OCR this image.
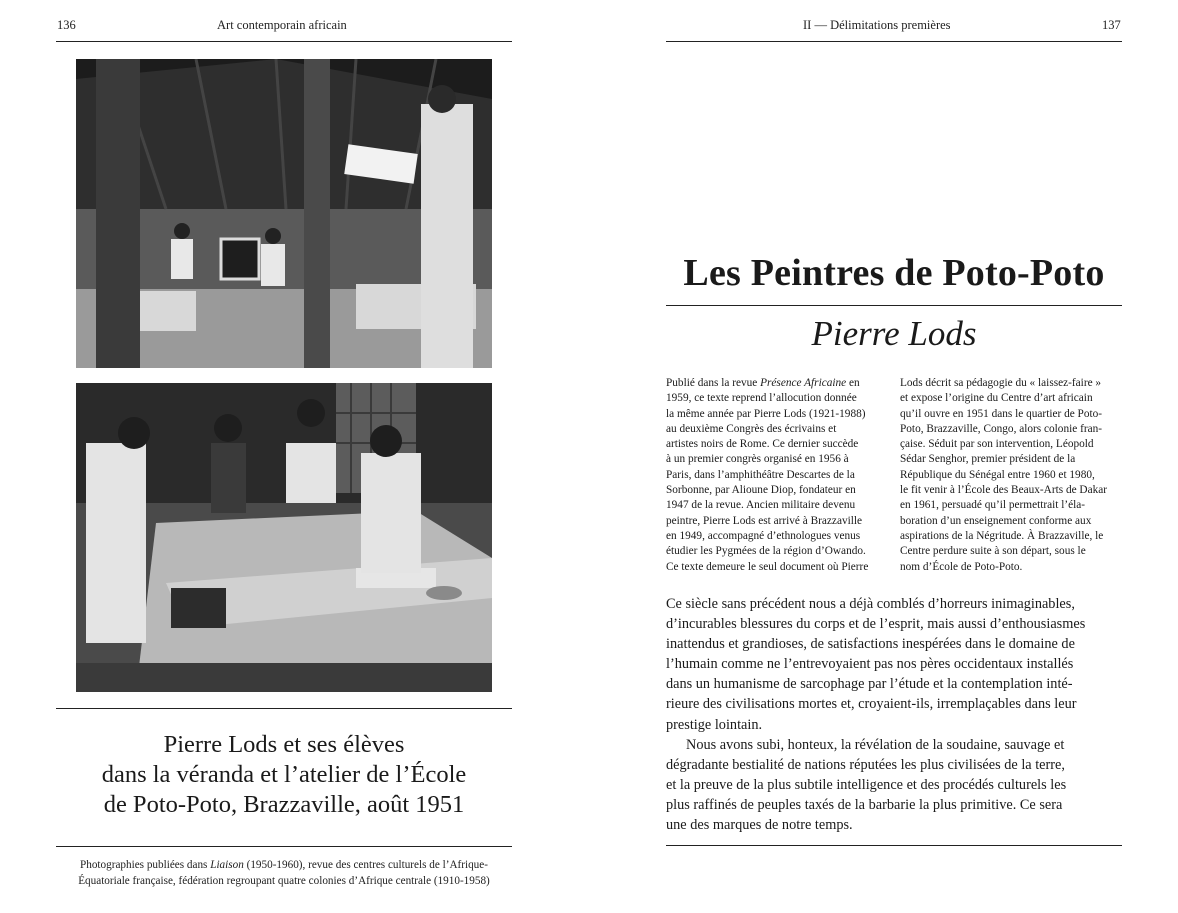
136	Art contemporain africain
Pierre Lods et ses élèves
dans la véranda et l’atelier de l’École
de Poto-Poto, Brazzaville, août 1951
Photographies publiées dans Liaison (1950-1960), revue des centres culturels de l’Afrique-
Équatoriale française, fédération regroupant quatre colonies d’Afrique centrale (1910-1958)
II — Délimitations premières	137
Les Peintres de Poto-Poto
Pierre Lods
Publié dans la revue Présence Africaine en
1959, ce texte reprend l’allocution donnée
la même année par Pierre Lods (1921-1988)
au deuxième Congrès des écrivains et
artistes noirs de Rome. Ce dernier succède
à un premier congrès organisé en 1956 à
Paris, dans l’amphithéâtre Descartes de la
Sorbonne, par Alioune Diop, fondateur en
1947 de la revue. Ancien militaire devenu
peintre, Pierre Lods est arrivé à Brazzaville
en 1949, accompagné d’ethnologues venus
étudier les Pygmées de la région d’Owando.
Ce texte demeure le seul document où Pierre
Lods décrit sa pédagogie du « laissez-faire »
et expose l’origine du Centre d’art africain
qu’il ouvre en 1951 dans le quartier de Poto-
Poto, Brazzaville, Congo, alors colonie fran-
çaise. Séduit par son intervention, Léopold
Sédar Senghor, premier président de la
République du Sénégal entre 1960 et 1980,
le fit venir à l’École des Beaux-Arts de Dakar
en 1961, persuadé qu’il permettrait l’éla-
boration d’un enseignement conforme aux
aspirations de la Négritude. À Brazzaville, le
Centre perdure suite à son départ, sous le
nom d’École de Poto-Poto.
Ce siècle sans précédent nous a déjà comblés d’horreurs inimaginables,
d’incurables blessures du corps et de l’esprit, mais aussi d’enthousiasmes
inattendus et grandioses, de satisfactions inespérées dans le domaine de
l’humain comme ne l’entrevoyaient pas nos pères occidentaux installés
dans un humanisme de sarcophage par l’étude et la contemplation inté-
rieure des civilisations mortes et, croyaient-ils, irremplaçables dans leur
prestige lointain.
Nous avons subi, honteux, la révélation de la soudaine, sauvage et
dégradante bestialité de nations réputées les plus civilisées de la terre,
et la preuve de la plus subtile intelligence et des procédés culturels les
plus raffinés de peuples taxés de la barbarie la plus primitive. Ce sera
une des marques de notre temps.
